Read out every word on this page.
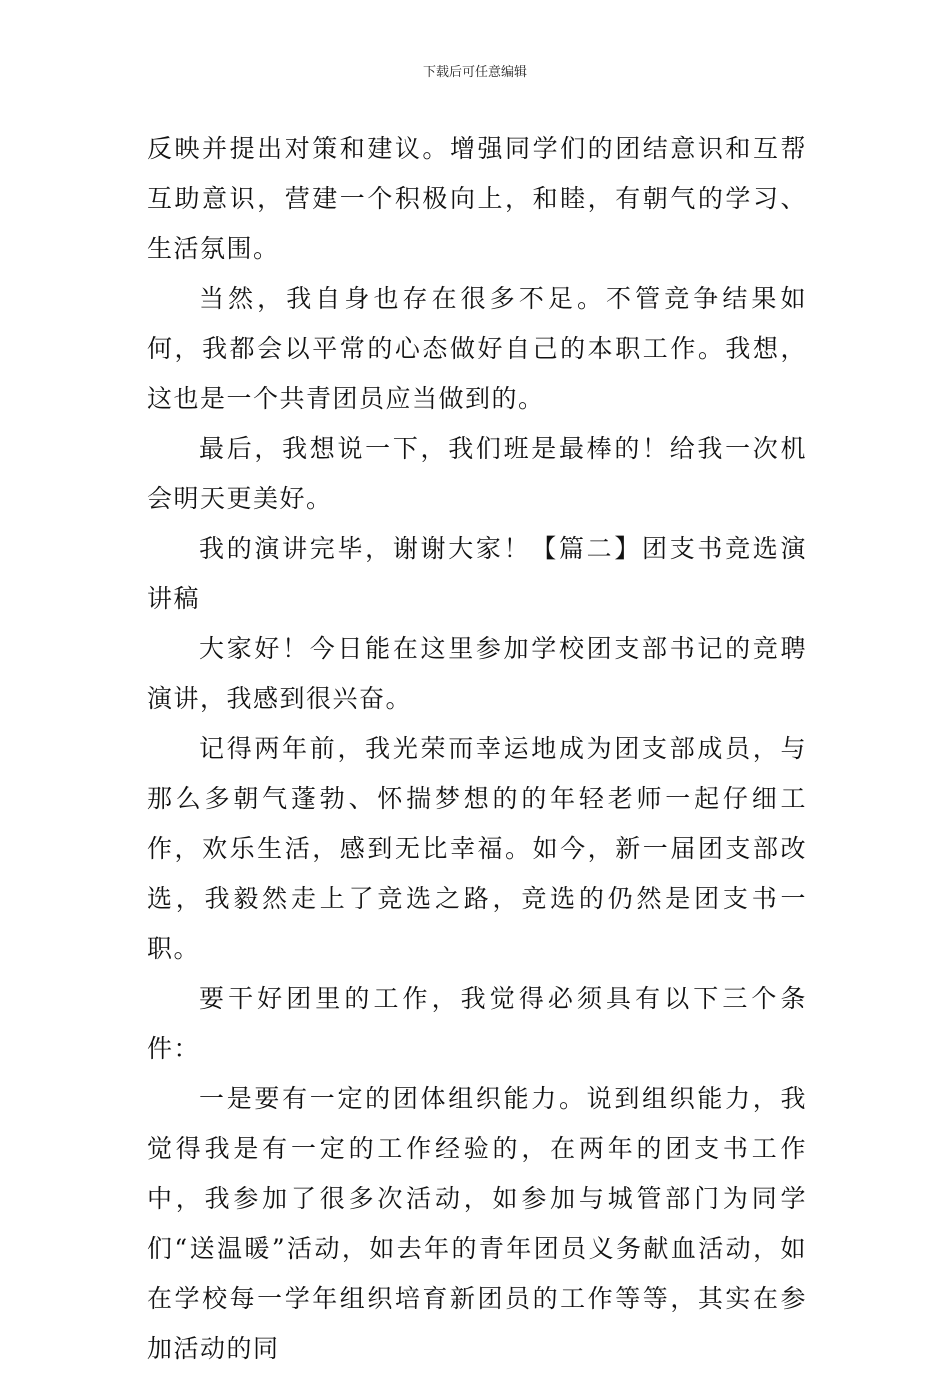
下载后可任意编辑

反映并提出对策和建议。增强同学们的团结意识和互帮互助意识，营建一个积极向上，和睦，有朝气的学习、生活氛围。

当然，我自身也存在很多不足。不管竞争结果如何，我都会以平常的心态做好自己的本职工作。我想，这也是一个共青团员应当做到的。

最后，我想说一下，我们班是最棒的！给我一次机会明天更美好。

我的演讲完毕，谢谢大家！【篇二】团支书竞选演讲稿

大家好！今日能在这里参加学校团支部书记的竞聘演讲，我感到很兴奋。

记得两年前，我光荣而幸运地成为团支部成员，与那么多朝气蓬勃、怀揣梦想的的年轻老师一起仔细工作，欢乐生活，感到无比幸福。如今，新一届团支部改选，我毅然走上了竞选之路，竞选的仍然是团支书一职。

要干好团里的工作，我觉得必须具有以下三个条件：

一是要有一定的团体组织能力。说到组织能力，我觉得我是有一定的工作经验的，在两年的团支书工作中，我参加了很多次活动，如参加与城管部门为同学们“送温暖”活动，如去年的青年团员义务献血活动，如在学校每一学年组织培育新团员的工作等等，其实在参加活动的同
